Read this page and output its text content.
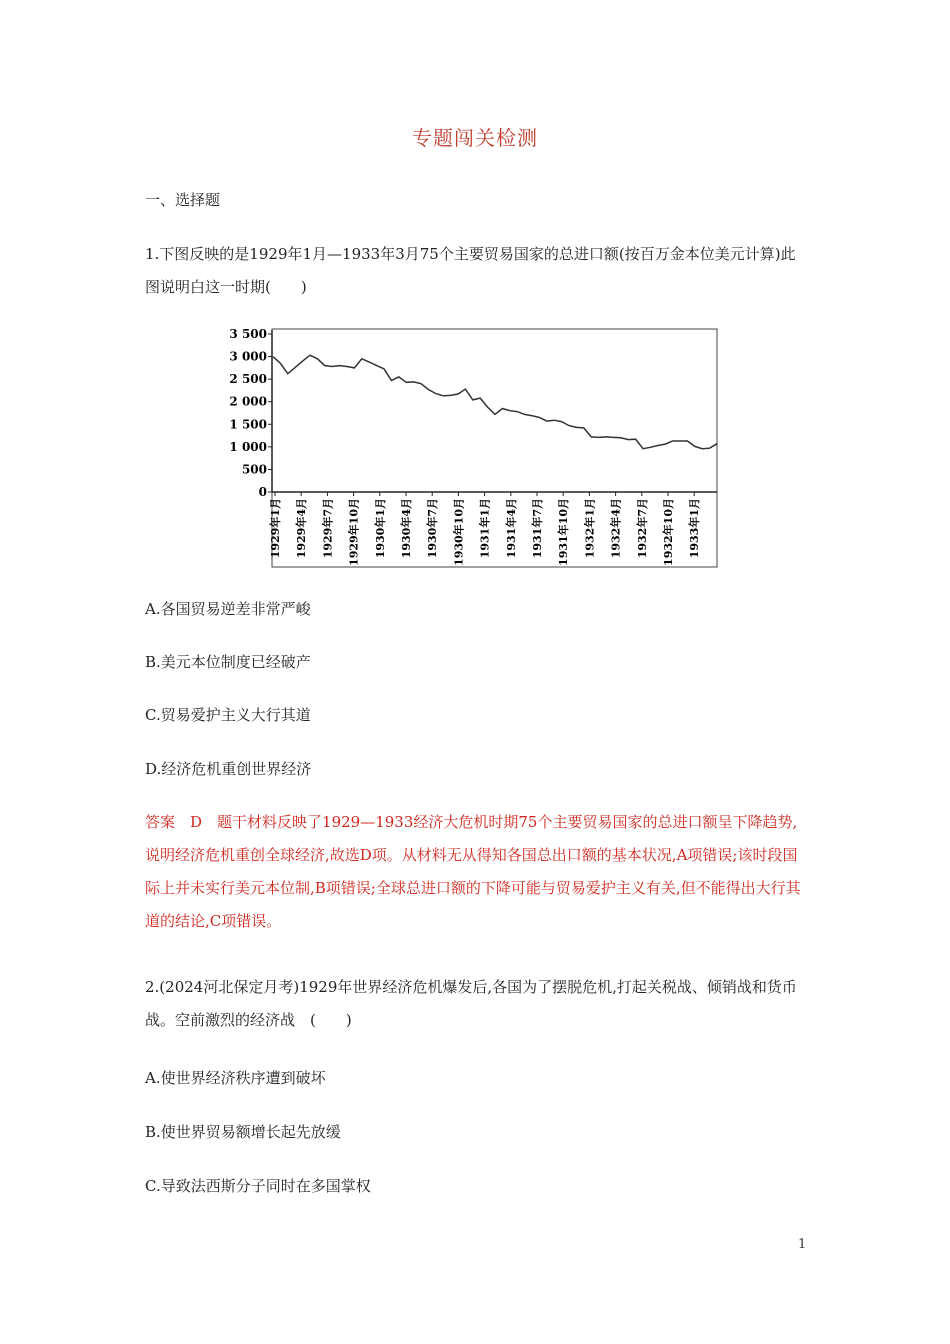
专题闯关检测
一、选择题
1.下图反映的是1929年1月—1933年3月75个主要贸易国家的总进口额(按百万金本位美元计算)此图说明白这一时期(　　)
0
500
1 000
1 500
2 000
2 500
3 000
3 500
1929年1月 1929年4月 1929年7月 1929年10月 1930年1月 1930年4月 1930年7月 1930年10月 1931年1月 1931年4月 1931年7月 1931年10月 1932年1月 1932年4月 1932年7月 1932年10月 1933年1月
A.各国贸易逆差非常严峻
B.美元本位制度已经破产
C.贸易爱护主义大行其道
D.经济危机重创世界经济
答案　D　题干材料反映了1929—1933经济大危机时期75个主要贸易国家的总进口额呈下降趋势,说明经济危机重创全球经济,故选D项。从材料无从得知各国总出口额的基本状况,A项错误;该时段国际上并未实行美元本位制,B项错误;全球总进口额的下降可能与贸易爱护主义有关,但不能得出大行其道的结论,C项错误。
2.(2024河北保定月考)1929年世界经济危机爆发后,各国为了摆脱危机,打起关税战、倾销战和货币战。空前激烈的经济战　(　　)
A.使世界经济秩序遭到破坏
B.使世界贸易额增长起先放缓
C.导致法西斯分子同时在多国掌权
1
